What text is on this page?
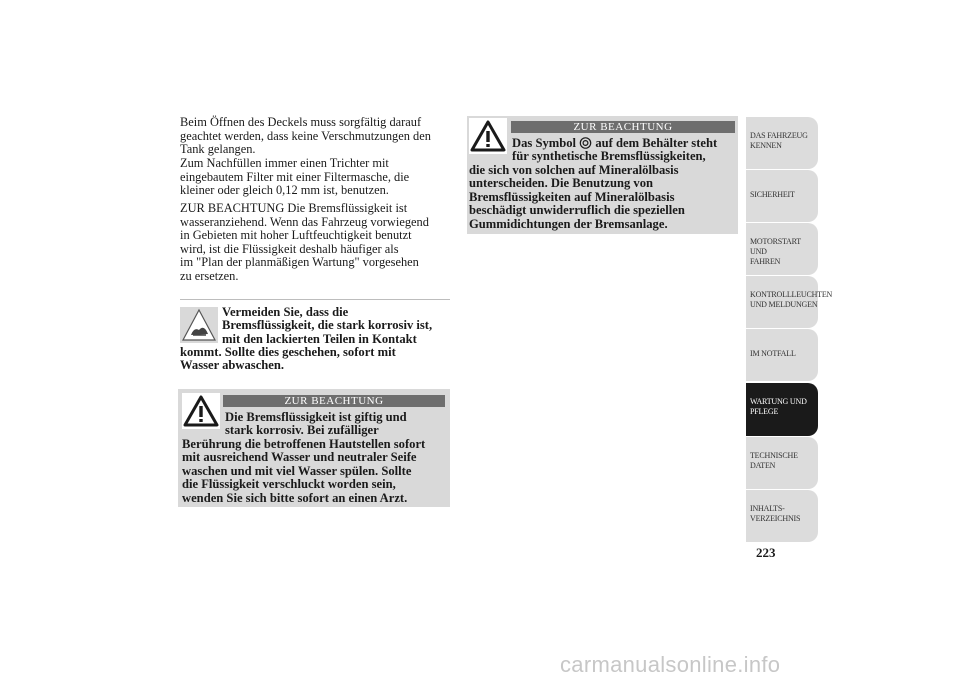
Beim Öffnen des Deckels muss sorgfältig darauf
geachtet werden, dass keine Verschmutzungen den
Tank gelangen.
Zum Nachfüllen immer einen Trichter mit
eingebautem Filter mit einer Filtermasche, die
kleiner oder gleich 0,12 mm ist, benutzen.
ZUR BEACHTUNG Die Bremsflüssigkeit ist
wasseranziehend. Wenn das Fahrzeug vorwiegend
in Gebieten mit hoher Luftfeuchtigkeit benutzt
wird, ist die Flüssigkeit deshalb häufiger als
im "Plan der planmäßigen Wartung" vorgesehen
zu ersetzen.
Vermeiden Sie, dass die
Bremsflüssigkeit, die stark korrosiv ist,
mit den lackierten Teilen in Kontakt
kommt. Sollte dies geschehen, sofort mit
Wasser abwaschen.
ZUR BEACHTUNG
Die Bremsflüssigkeit ist giftig und
stark korrosiv. Bei zufälliger
Berührung die betroffenen Hautstellen sofort
mit ausreichend Wasser und neutraler Seife
waschen und mit viel Wasser spülen. Sollte
die Flüssigkeit verschluckt worden sein,
wenden Sie sich bitte sofort an einen Arzt.
ZUR BEACHTUNG
Das Symbol  auf dem Behälter steht
für synthetische Bremsflüssigkeiten,
die sich von solchen auf Mineralölbasis
unterscheiden. Die Benutzung von
Bremsflüssigkeiten auf Mineralölbasis
beschädigt unwiderruflich die speziellen
Gummidichtungen der Bremsanlage.
DAS FAHRZEUG
KENNEN
SICHERHEIT
MOTORSTART UND
FAHREN
KONTROLLLEUCHTEN
UND MELDUNGEN
IM NOTFALL
WARTUNG UND
PFLEGE
TECHNISCHE
DATEN
INHALTS-
VERZEICHNIS
223
carmanualsonline.info
